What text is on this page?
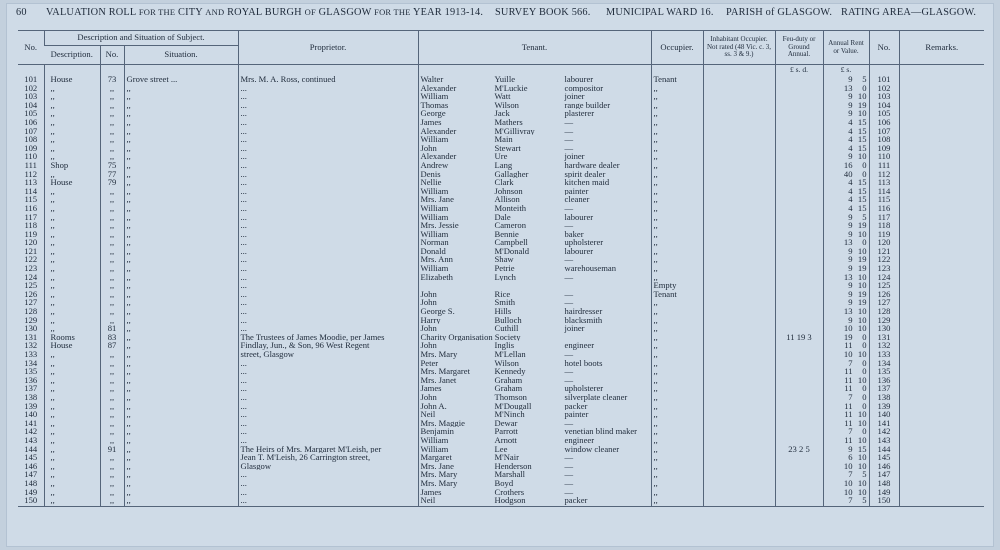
60 VALUATION ROLL FOR THE CITY AND ROYAL BURGH OF GLASGOW FOR THE YEAR 1913-14. SURVEY BOOK 566. MUNICIPAL WARD 16. PARISH of GLASGOW. RATING AREA—GLASGOW.
No.	Description and Situation of Subject.			Proprietor.	Tenant.	Occupier.	Inhabitant Occupier. Not rated (48 Vic. c. 3, ss. 3 & 9.)	Feu-duty or Ground Annual.	Annual Rent or Value.	No.	Remarks.
	Description.	No.	Situation.								
								£ s. d.	£ s.		
101	House	73	Grove street ...	Mrs. M. A. Ross, continued	Walter Yuille labourer	Tenant			9 5	101	
102	,,	,,	,,	...	Alexander M'Luckie compositor	,,			13 0	102	
103	,,	,,	,,	...	William Watt joiner	,,			9 10	103	
104	,,	,,	,,	...	Thomas Wilson range builder	,,			9 19	104	
105	,,	,,	,,	...	George Jack plasterer	,,			9 10	105	
106	,,	,,	,,	...	James Mathers —	,,			4 15	106	
107	,,	,,	,,	...	Alexander M'Gillivray —	,,			4 15	107	
108	,,	,,	,,	...	William Main —	,,			4 15	108	
109	,,	,,	,,	...	John Stewart —	,,			4 15	109	
110	,,	,,	,,	...	Alexander Ure joiner	,,			9 10	110	
111	Shop	75	,,	...	Andrew Lang hardware dealer	,,			16 0	111	
112	,,	77	,,	...	Denis Gallagher spirit dealer	,,			40 0	112	
113	House	79	,,	...	Nellie Clark kitchen maid	,,			4 15	113	
114	,,	,,	,,	...	William Johnson painter	,,			4 15	114	
115	,,	,,	,,	...	Mrs. Jane Allison cleaner	,,			4 15	115	
116	,,	,,	,,	...	William Monteith —	,,			4 15	116	
117	,,	,,	,,	...	William Dale labourer	,,			9 5	117	
118	,,	,,	,,	...	Mrs. Jessie Cameron —	,,			9 19	118	
119	,,	,,	,,	...	William Bennie baker	,,			9 10	119	
120	,,	,,	,,	...	Norman Campbell upholsterer	,,			13 0	120	
121	,,	,,	,,	...	Donald M'Donald labourer	,,			9 10	121	
122	,,	,,	,,	...	Mrs. Ann Shaw —	,,			9 19	122	
123	,,	,,	,,	...	William Petrie warehouseman	,,			9 19	123	
124	,,	,,	,,	...	Elizabeth Lynch —	,,			13 10	124	
125	,,	,,	,,	...		Empty			9 10	125	
126	,,	,,	,,	...	John Rice —	Tenant			9 19	126	
127	,,	,,	,,	...	John Smith —	,,			9 19	127	
128	,,	,,	,,	...	George S. Hills hairdresser	,,			13 10	128	
129	,,	,,	,,	...	Harry Bulloch blacksmith	,,			9 10	129	
130	,,	81	,,	...	John Cuthill joiner	,,			10 10	130	
131	Rooms	83	,,	The Trustees of James Moodie, per James	Charity Organisation Society	,,		11 19 3	19 0	131	
132	House	87	,,	Findlay, Jun., & Son, 96 West Regent	John Inglis engineer	,,			11 0	132	
133	,,	,,	,,	street, Glasgow	Mrs. Mary M'Lellan —	,,			10 10	133	
134	,,	,,	,,	...	Peter Wilson hotel boots	,,			7 0	134	
135	,,	,,	,,	...	Mrs. Margaret Kennedy —	,,			11 0	135	
136	,,	,,	,,	...	Mrs. Janet Graham —	,,			11 10	136	
137	,,	,,	,,	...	James Graham upholsterer	,,			11 0	137	
138	,,	,,	,,	...	John Thomson silverplate cleaner	,,			7 0	138	
139	,,	,,	,,	...	John A. M'Dougall packer	,,			11 0	139	
140	,,	,,	,,	...	Neil M'Ninch painter	,,			11 10	140	
141	,,	,,	,,	...	Mrs. Maggie Dewar —	,,			11 10	141	
142	,,	,,	,,	...	Benjamin Parrott venetian blind maker	,,			7 0	142	
143	,,	,,	,,	...	William Arnott engineer	,,			11 10	143	
144	,,	91	,,	The Heirs of Mrs. Margaret M'Leish, per	William Lee window cleaner	,,		23 2 5	9 15	144	
145	,,	,,	,,	Jean T. M'Leish, 26 Carrington street,	Margaret M'Nair —	,,			6 10	145	
146	,,	,,	,,	Glasgow	Mrs. Jane Henderson —	,,			10 10	146	
147	,,	,,	,,	...	Mrs. Mary Marshall —	,,			7 5	147	
148	,,	,,	,,	...	Mrs. Mary Boyd —	,,			10 10	148	
149	,,	,,	,,	...	James Crothers —	,,			10 10	149	
150	,,	,,	,,	...	Neil Hodgson packer	,,			7 5	150	
